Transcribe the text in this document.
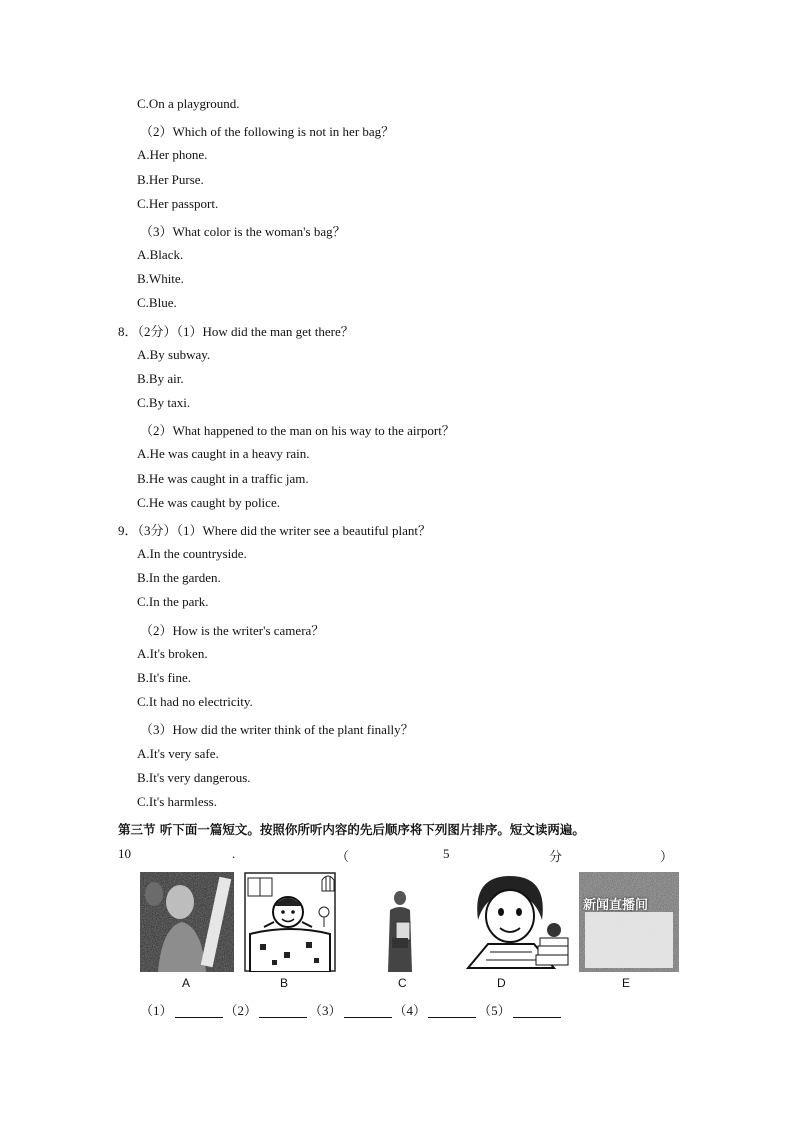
C.On a playground.
（2）Which of the following is not in her bag？
A.Her phone.
B.Her Purse.
C.Her passport.
（3）What color is the woman's bag？
A.Black.
B.White.
C.Blue.
8．（2分）（1）How did the man get there？
A.By subway.
B.By air.
C.By taxi.
（2）What happened to the man on his way to the airport？
A.He was caught in a heavy rain.
B.He was caught in a traffic jam.
C.He was caught by police.
9．（3分）（1）Where did the writer see a beautiful plant？
A.In the countryside.
B.In the garden.
C.In the park.
（2）How is the writer's camera？
A.It's broken.
B.It's fine.
C.It had no electricity.
（3）How did the writer think of the plant finally？
A.It's very safe.
B.It's very dangerous.
C.It's harmless.
第三节 听下面一篇短文。按照你所听内容的先后顺序将下列图片排序。短文读两遍。
10	.	（	5	分	）
A	B	C	D
新闻直播间
E
（1）	（2）	（3）	（4）	（5）
